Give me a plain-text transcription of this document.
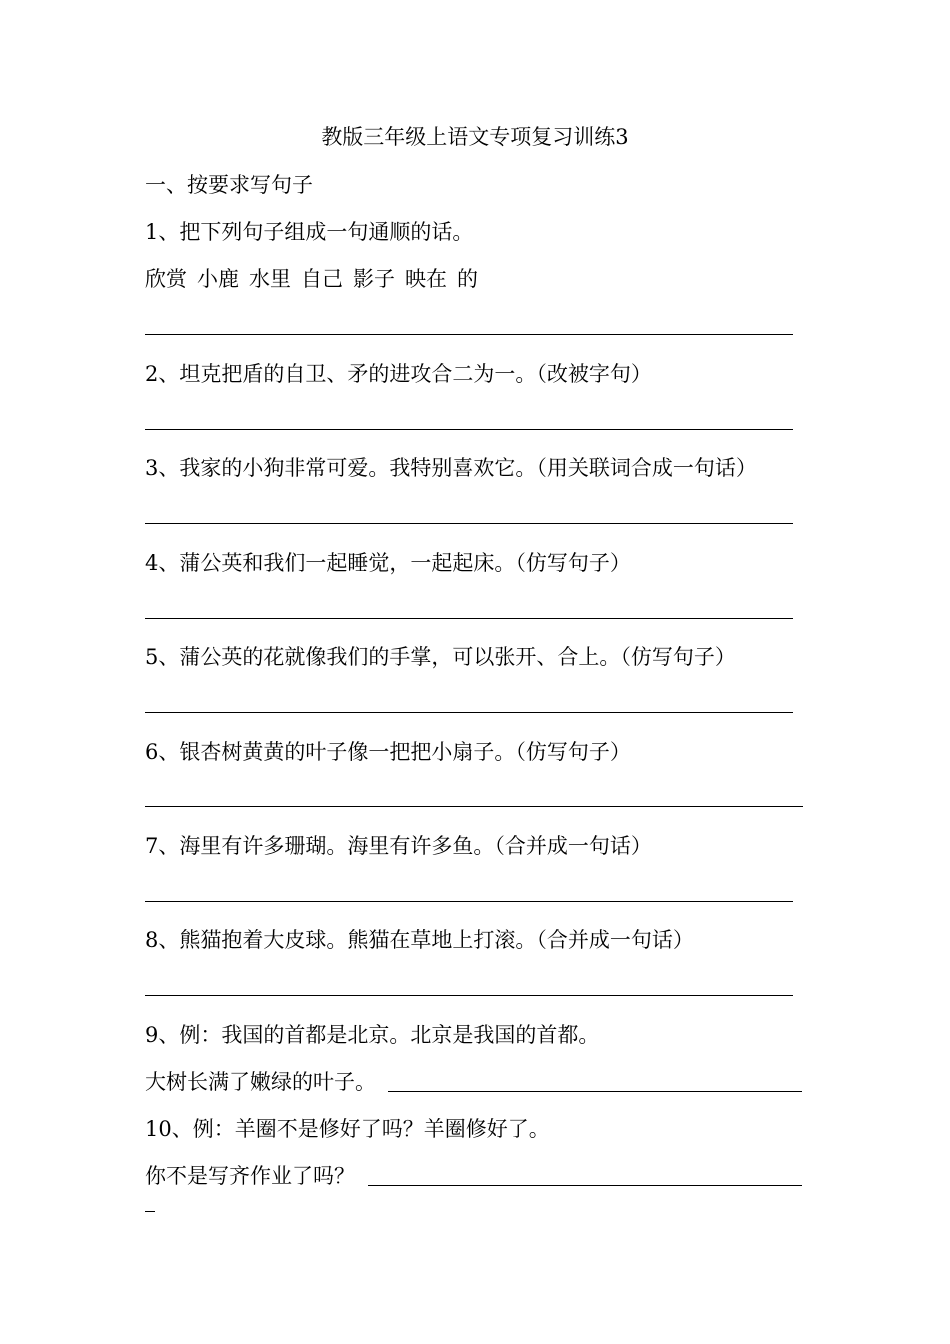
教版三年级上语文专项复习训练3
一、按要求写句子
1、把下列句子组成一句通顺的话。
欣赏 小鹿 水里 自己 影子 映在 的
2、坦克把盾的自卫、矛的进攻合二为一。（改被字句）
3、我家的小狗非常可爱。我特别喜欢它。（用关联词合成一句话）
4、蒲公英和我们一起睡觉，一起起床。（仿写句子）
5、蒲公英的花就像我们的手掌，可以张开、合上。（仿写句子）
6、银杏树黄黄的叶子像一把把小扇子。（仿写句子）
7、海里有许多珊瑚。海里有许多鱼。（合并成一句话）
8、熊猫抱着大皮球。熊猫在草地上打滚。（合并成一句话）
9、例：我国的首都是北京。北京是我国的首都。
大树长满了嫩绿的叶子。
10、例：羊圈不是修好了吗？羊圈修好了。
你不是写齐作业了吗？
